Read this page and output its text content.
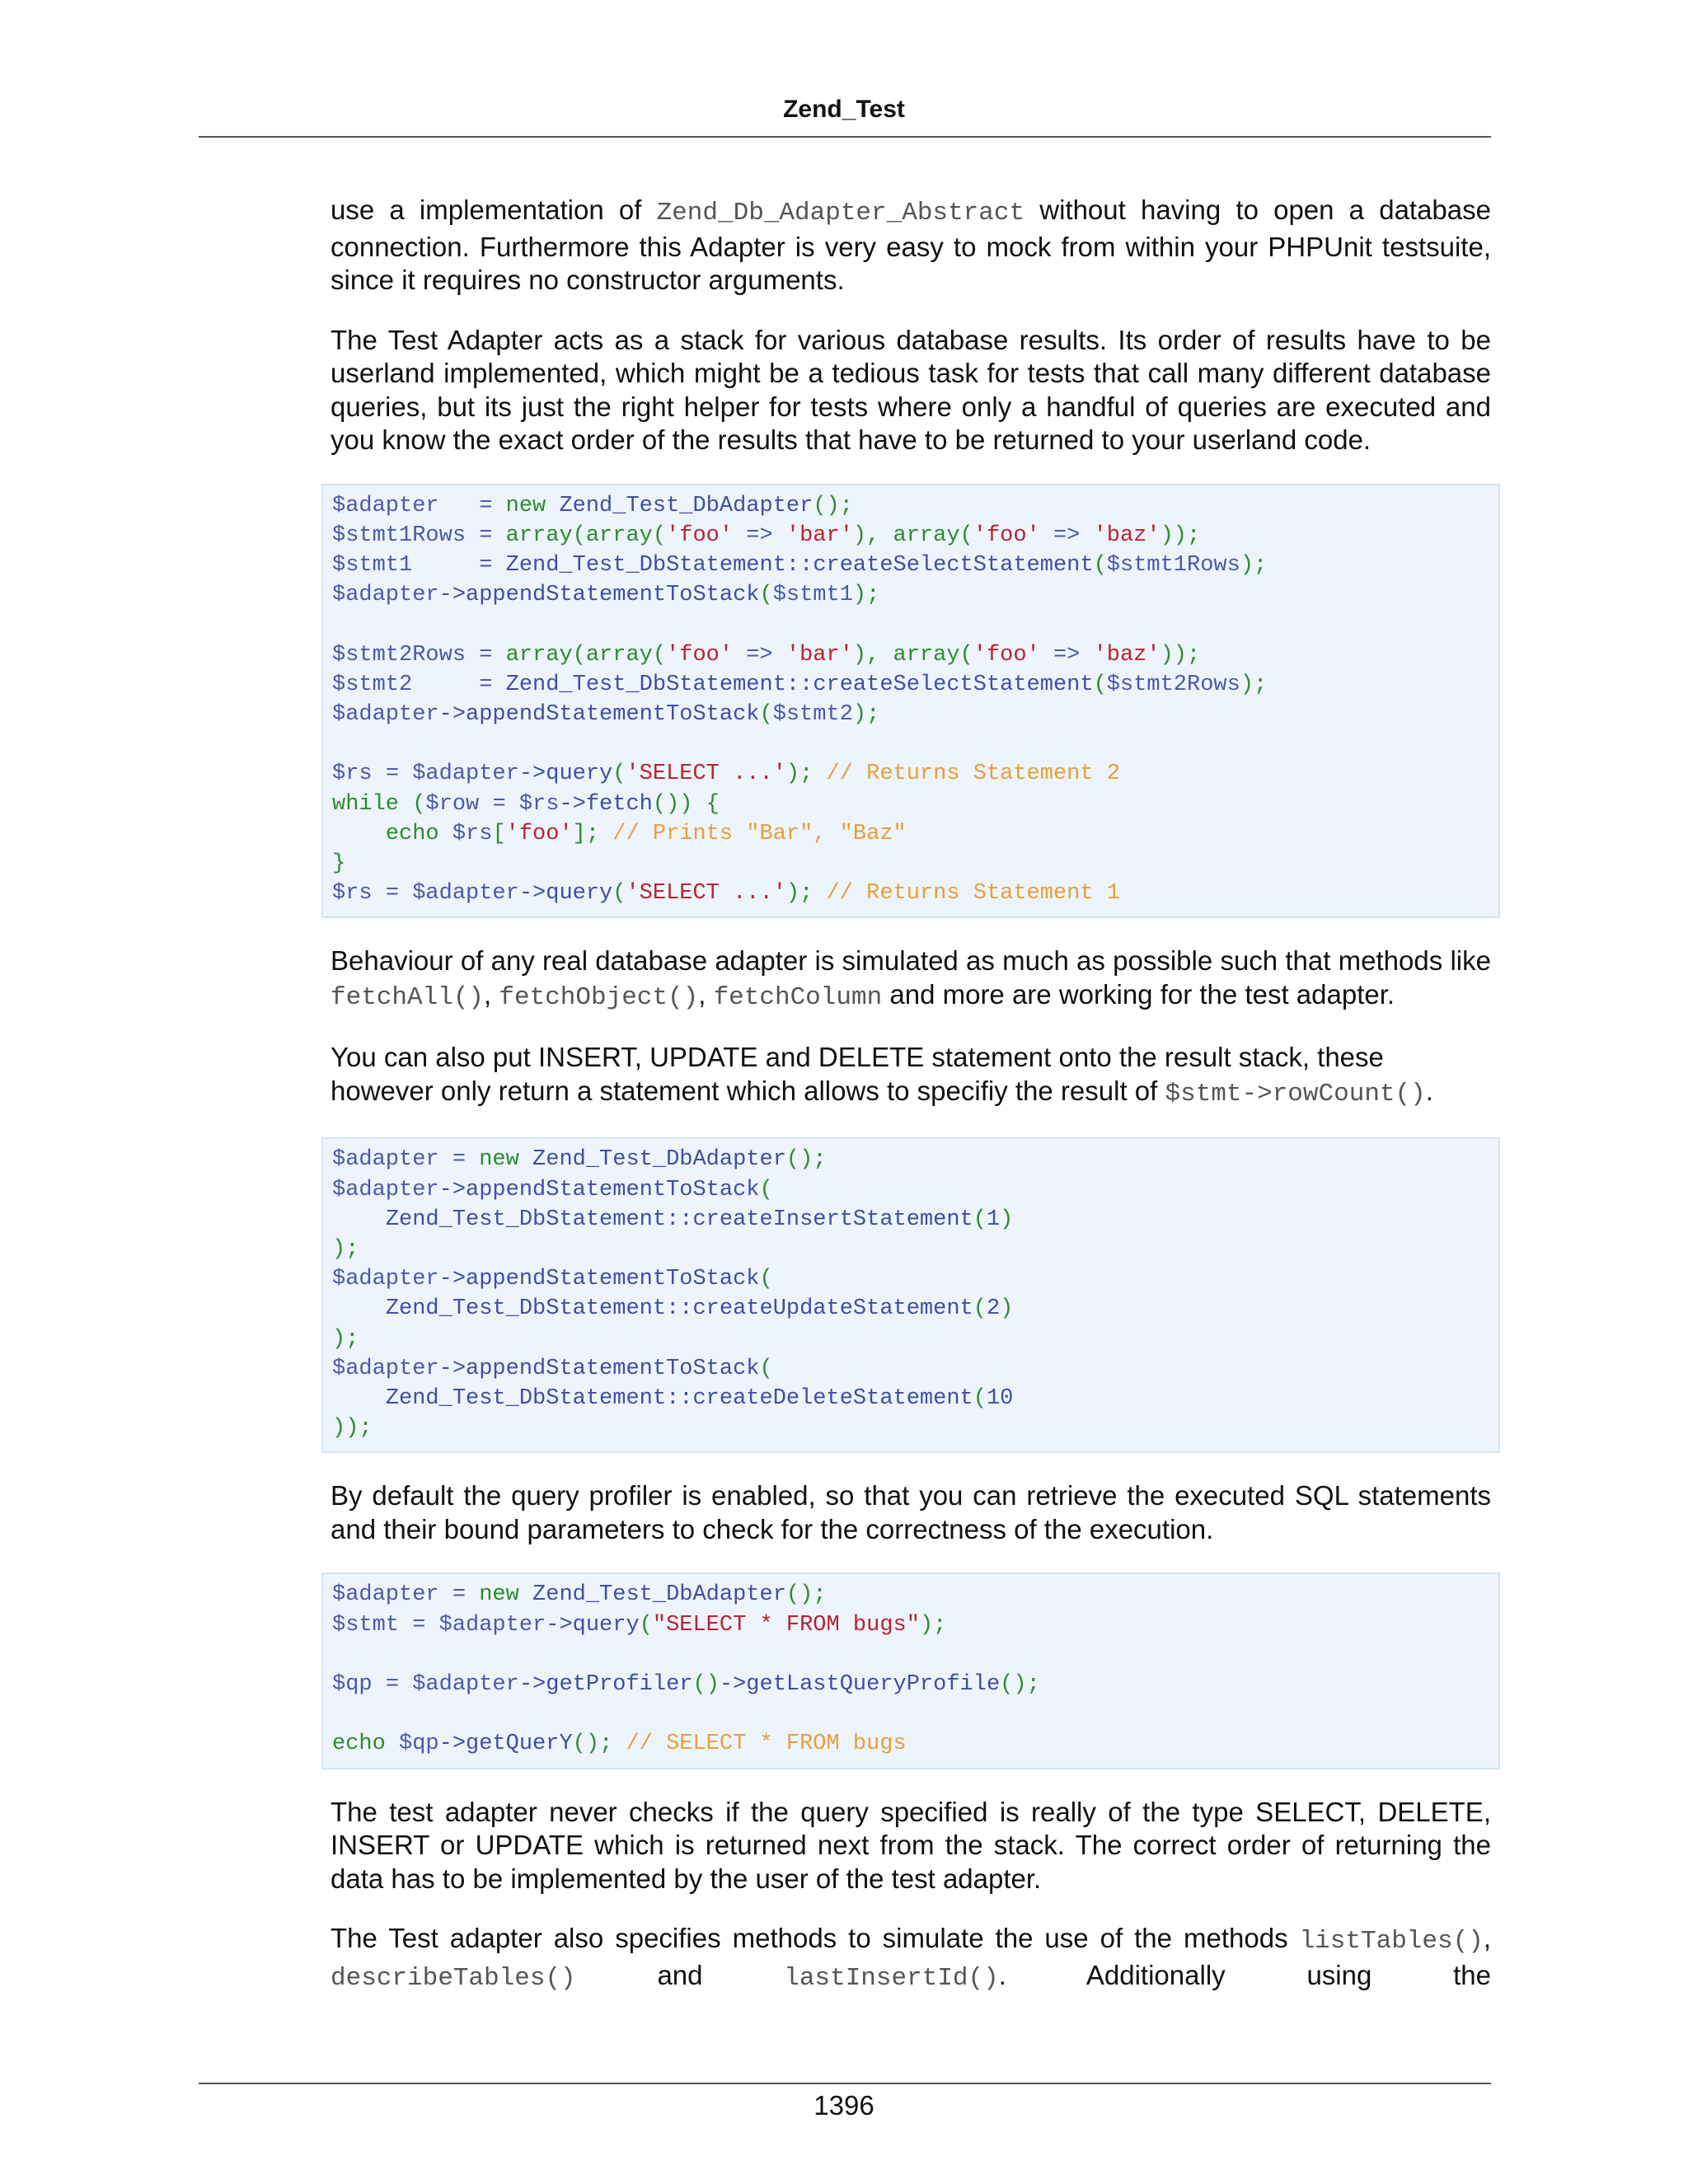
Zend_Test

use a implementation of Zend_Db_Adapter_Abstract without having to open a database connection. Furthermore this Adapter is very easy to mock from within your PHPUnit testsuite, since it requires no constructor arguments.

The Test Adapter acts as a stack for various database results. Its order of results have to be userland implemented, which might be a tedious task for tests that call many different database queries, but its just the right helper for tests where only a handful of queries are executed and you know the exact order of the results that have to be returned to your userland code.

$adapter = new Zend_Test_DbAdapter();
$stmt1Rows = array(array('foo' => 'bar'), array('foo' => 'baz'));
$stmt1	= Zend_Test_DbStatement::createSelectStatement($stmt1Rows);
$adapter->appendStatementToStack($stmt1);

$stmt2Rows = array(array('foo' => 'bar'), array('foo' => 'baz'));
$stmt2	= Zend_Test_DbStatement::createSelectStatement($stmt2Rows);
$adapter->appendStatementToStack($stmt2);

$rs = $adapter->query('SELECT ...'); // Returns Statement 2
while ($row = $rs->fetch()) {
echo $rs['foo']; // Prints "Bar", "Baz"
}
$rs = $adapter->query('SELECT ...'); // Returns Statement 1

Behaviour of any real database adapter is simulated as much as possible such that methods like fetchAll(), fetchObject(), fetchColumn and more are working for the test adapter.

You can also put INSERT, UPDATE and DELETE statement onto the result stack, these however only return a statement which allows to specifiy the result of $stmt->rowCount().

$adapter = new Zend_Test_DbAdapter();
$adapter->appendStatementToStack(
Zend_Test_DbStatement::createInsertStatement(1)
);
$adapter->appendStatementToStack(
Zend_Test_DbStatement::createUpdateStatement(2)
);
$adapter->appendStatementToStack(
Zend_Test_DbStatement::createDeleteStatement(10
));

By default the query profiler is enabled, so that you can retrieve the executed SQL statements and their bound parameters to check for the correctness of the execution.

$adapter = new Zend_Test_DbAdapter();
$stmt = $adapter->query("SELECT * FROM bugs");

$qp = $adapter->getProfiler()->getLastQueryProfile();

echo $qp->getQuerY(); // SELECT * FROM bugs

The test adapter never checks if the query specified is really of the type SELECT, DELETE, INSERT or UPDATE which is returned next from the stack. The correct order of returning the data has to be implemented by the user of the test adapter.

The Test adapter also specifies methods to simulate the use of the methods listTables(), describeTables() and lastInsertId(). Additionally using the

1396
